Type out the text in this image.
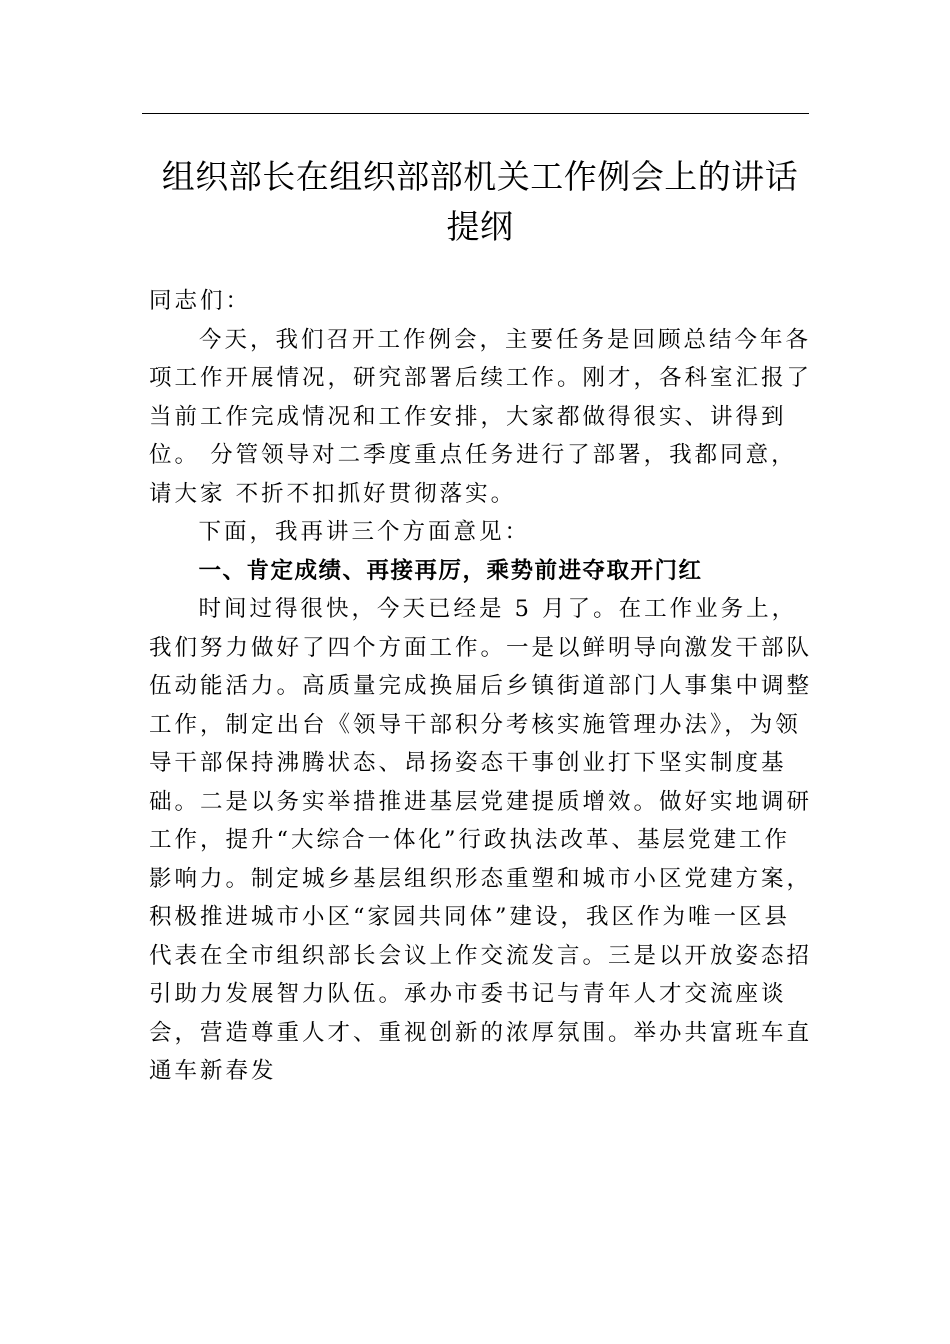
组织部长在组织部部机关工作例会上的讲话提纲

同志们：

今天，我们召开工作例会，主要任务是回顾总结今年各
项工作开展情况，研究部署后续工作。刚才，各科室汇报了
当前工作完成情况和工作安排，大家都做得很实、讲得到
位。 分管领导对二季度重点任务进行了部署，我都同意，
请大家 不折不扣抓好贯彻落实。

下面，我再讲三个方面意见：

一、肯定成绩、再接再厉，乘势前进夺取开门红

时间过得很快，今天已经是 5 月了。在工作业务上，我们努力做好了四个方面工作。一是以鲜明导向激发干部队伍动能活力。高质量完成换届后乡镇街道部门人事集中调整工作，制定出台《领导干部积分考核实施管理办法》，为领导干部保持沸腾状态、昂扬姿态干事创业打下坚实制度基础。二是以务实举措推进基层党建提质增效。做好实地调研工作，提升“大综合一体化”行政执法改革、基层党建工作影响力。制定城乡基层组织形态重塑和城市小区党建方案，积极推进城市小区“家园共同体”建设，我区作为唯一区县代表在全市组织部长会议上作交流发言。三是以开放姿态招引助力发展智力队伍。承办市委书记与青年人才交流座谈会，营造尊重人才、重视创新的浓厚氛围。举办共富班车直通车新春发
